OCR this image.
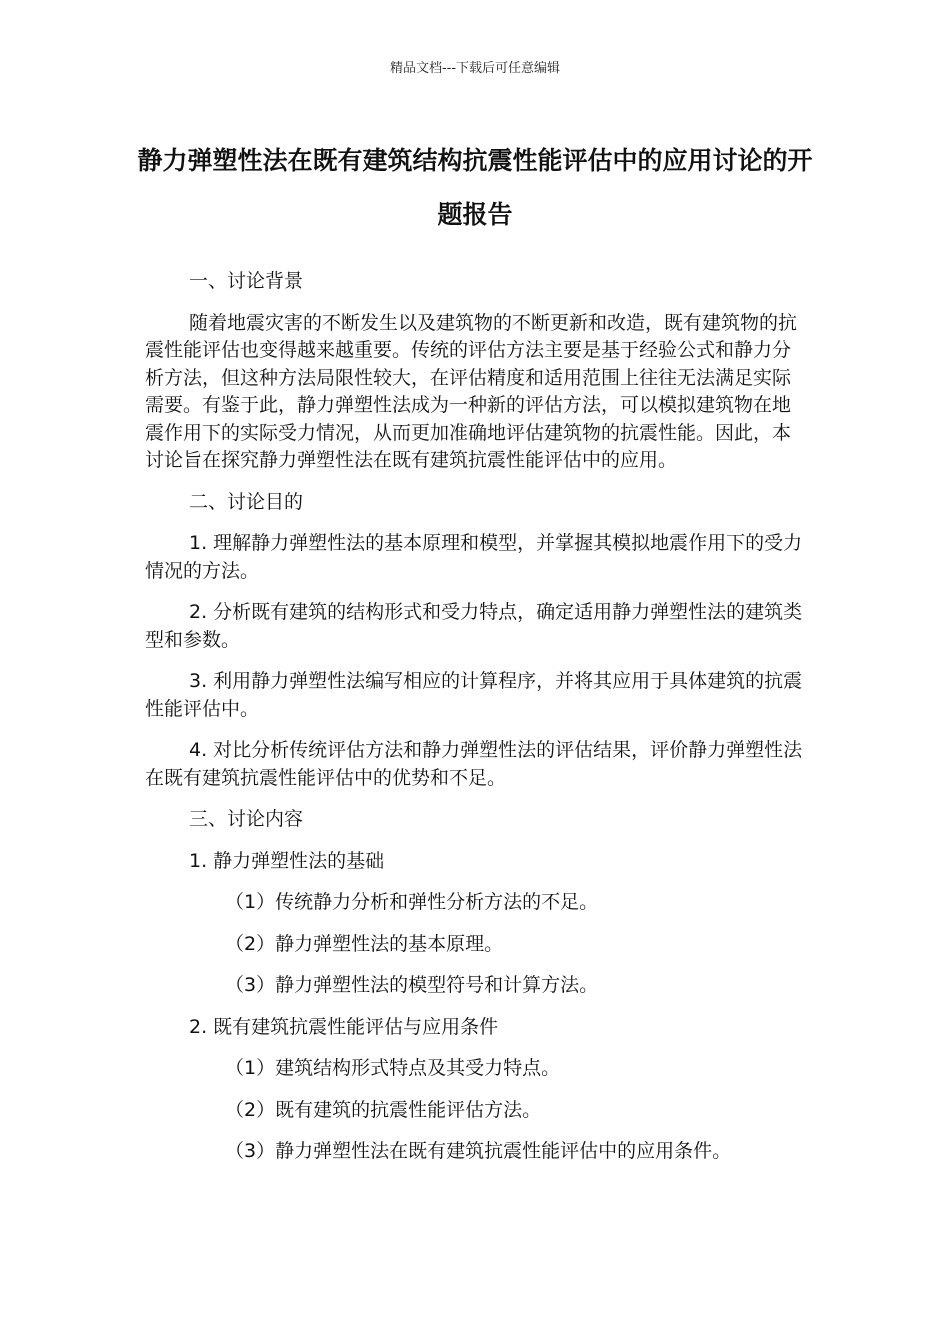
精品文档---下载后可任意编辑
静力弹塑性法在既有建筑结构抗震性能评估中的应用讨论的开题报告

一、讨论背景

随着地震灾害的不断发生以及建筑物的不断更新和改造，既有建筑物的抗震性能评估也变得越来越重要。传统的评估方法主要是基于经验公式和静力分析方法，但这种方法局限性较大，在评估精度和适用范围上往往无法满足实际需要。有鉴于此，静力弹塑性法成为一种新的评估方法，可以模拟建筑物在地震作用下的实际受力情况，从而更加准确地评估建筑物的抗震性能。因此，本讨论旨在探究静力弹塑性法在既有建筑抗震性能评估中的应用。

二、讨论目的

1. 理解静力弹塑性法的基本原理和模型，并掌握其模拟地震作用下的受力情况的方法。

2. 分析既有建筑的结构形式和受力特点，确定适用静力弹塑性法的建筑类型和参数。

3. 利用静力弹塑性法编写相应的计算程序，并将其应用于具体建筑的抗震性能评估中。

4. 对比分析传统评估方法和静力弹塑性法的评估结果，评价静力弹塑性法在既有建筑抗震性能评估中的优势和不足。

三、讨论内容

1. 静力弹塑性法的基础

（1）传统静力分析和弹性分析方法的不足。

（2）静力弹塑性法的基本原理。

（3）静力弹塑性法的模型符号和计算方法。

2. 既有建筑抗震性能评估与应用条件

（1）建筑结构形式特点及其受力特点。

（2）既有建筑的抗震性能评估方法。

（3）静力弹塑性法在既有建筑抗震性能评估中的应用条件。
